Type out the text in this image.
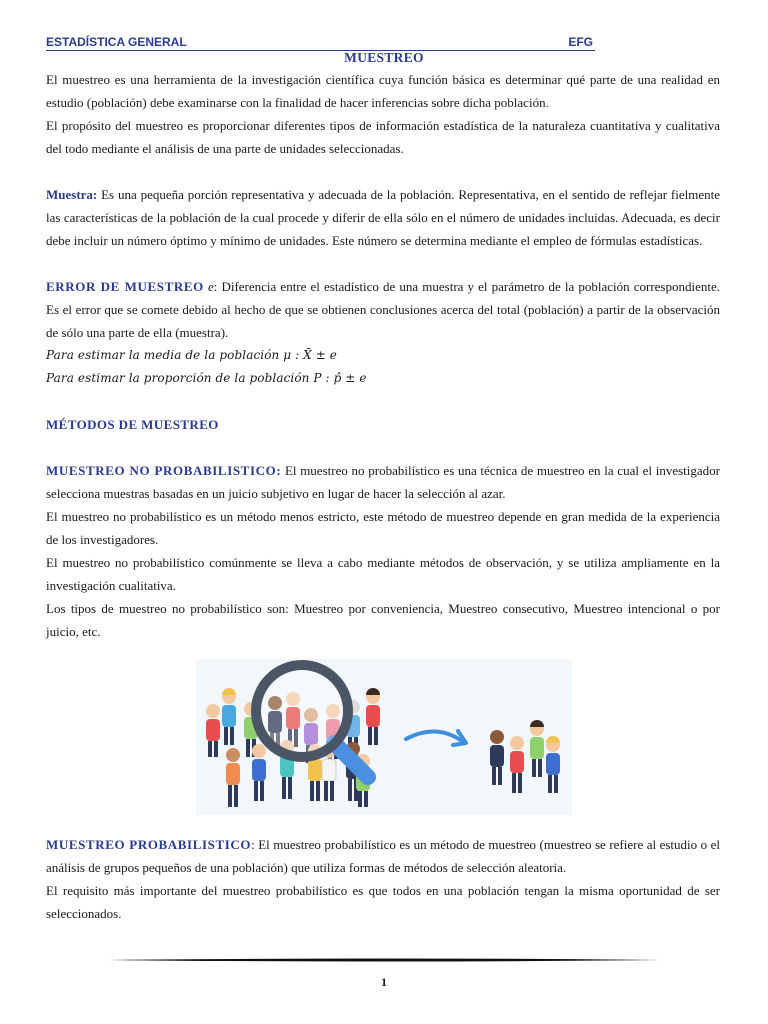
ESTADÍSTICA GENERAL	EFG
MUESTREO

El muestreo es una herramienta de la investigación científica cuya función básica es determinar qué parte de una realidad en estudio (población) debe examinarse con la finalidad de hacer inferencias sobre dicha población.

El propósito del muestreo es proporcionar diferentes tipos de información estadística de la naturaleza cuantitativa y cualitativa del todo mediante el análisis de una parte de unidades seleccionadas.

Muestra: Es una pequeña porción representativa y adecuada de la población. Representativa, en el sentido de reflejar fielmente las características de la población de la cual procede y diferir de ella sólo en el número de unidades incluidas. Adecuada, es decir debe incluir un número óptimo y mínimo de unidades. Este número se determina mediante el empleo de fórmulas estadísticas.

ERROR DE MUESTREO e: Diferencia entre el estadístico de una muestra y el parámetro de la población correspondiente. Es el error que se comete debido al hecho de que se obtienen conclusiones acerca del total (población) a partir de la observación de sólo una parte de ella (muestra).

Para estimar la media de la población μ : X̄ ± e
Para estimar la proporción de la población P : p̂ ± e
MÉTODOS DE MUESTREO

MUESTREO NO PROBABILISTICO: El muestreo no probabilístico es una técnica de muestreo en la cual el investigador selecciona muestras basadas en un juicio subjetivo en lugar de hacer la selección al azar.

El muestreo no probabilístico es un método menos estricto, este método de muestreo depende en gran medida de la experiencia de los investigadores.

El muestreo no probabilístico comúnmente se lleva a cabo mediante métodos de observación, y se utiliza ampliamente en la investigación cualitativa.

Los tipos de muestreo no probabilístico son: Muestreo por conveniencia, Muestreo consecutivo, Muestreo intencional o por juicio, etc.

MUESTREO PROBABILISTICO: El muestreo probabilístico es un método de muestreo (muestreo se refiere al estudio o el análisis de grupos pequeños de una población) que utiliza formas de métodos de selección aleatoria.

El requisito más importante del muestreo probabilístico es que todos en una población tengan la misma oportunidad de ser seleccionados.

1
